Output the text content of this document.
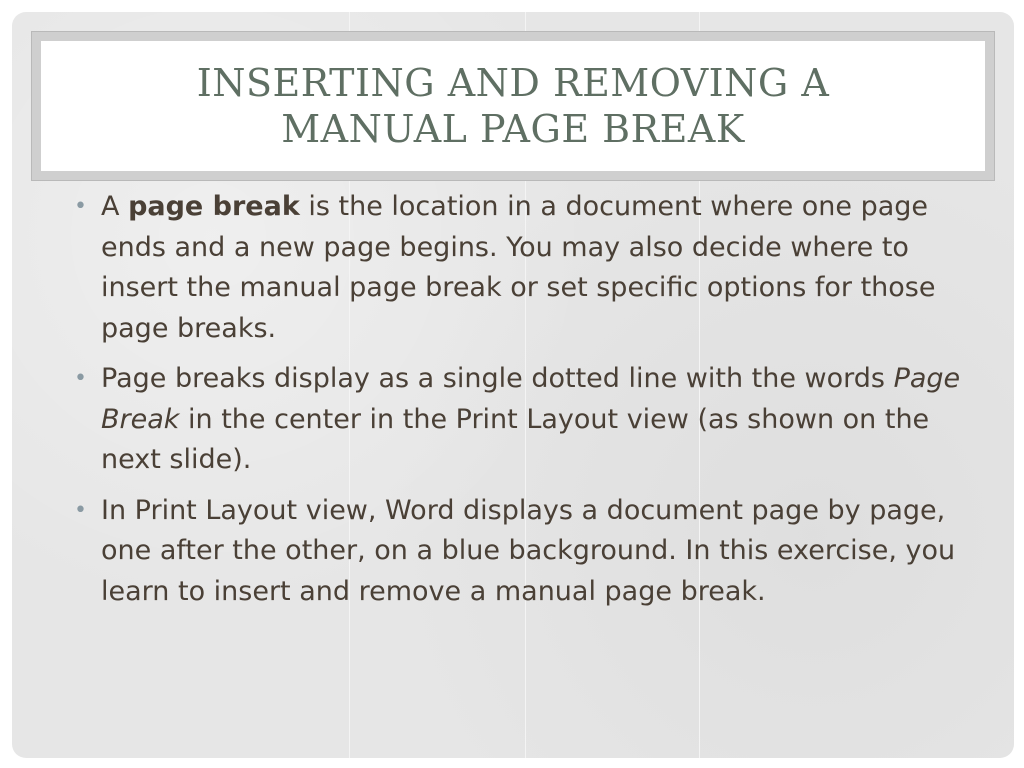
INSERTING AND REMOVING A
MANUAL PAGE BREAK
• A page break is the location in a document where one page ends and a new page begins. You may also decide where to insert the manual page break or set specific options for those page breaks.
• Page breaks display as a single dotted line with the words Page Break in the center in the Print Layout view (as shown on the next slide).
• In Print Layout view, Word displays a document page by page, one after the other, on a blue background. In this exercise, you learn to insert and remove a manual page break.
